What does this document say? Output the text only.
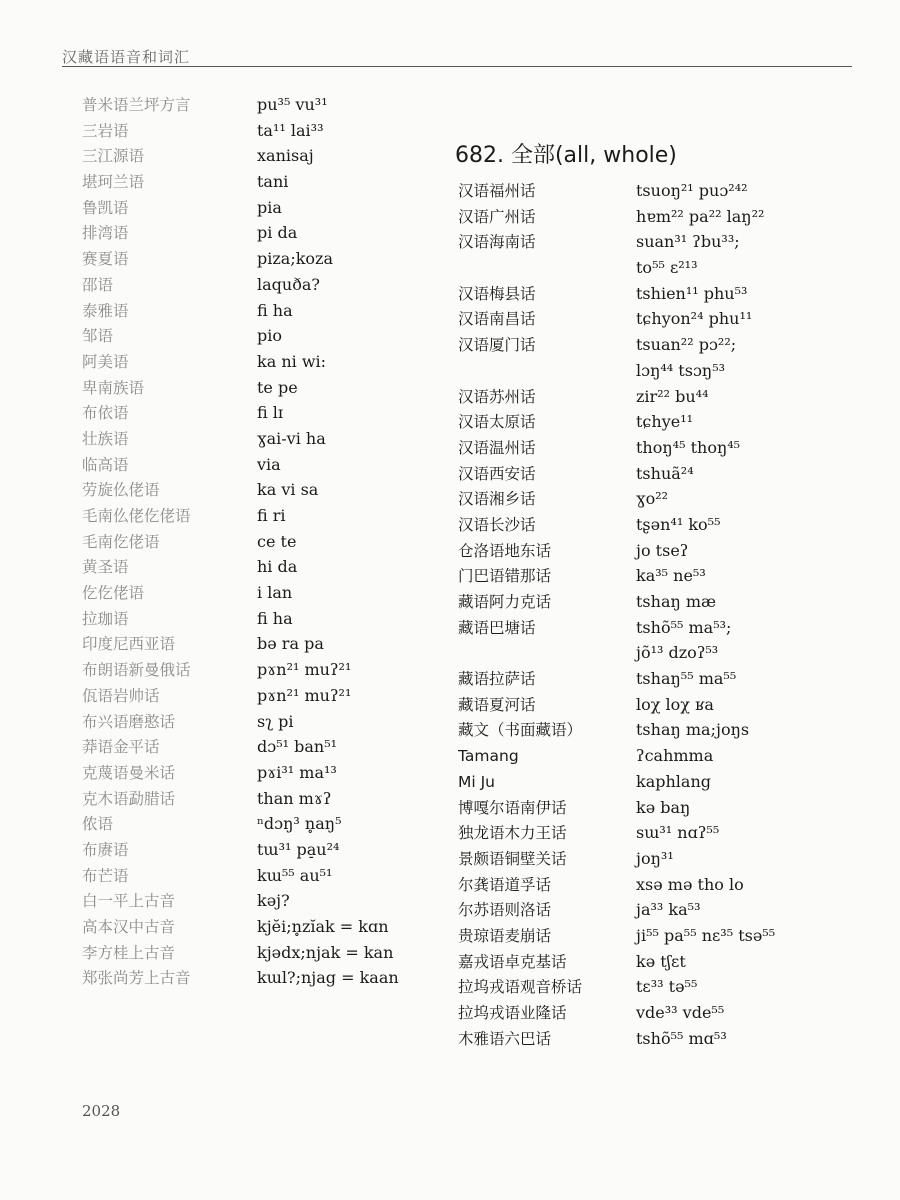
汉藏语语音和词汇
普米语兰坪方言	pu³⁵ vu³¹
三岩语	ta¹¹ lai³³
三江源语	xanisaj
堪珂兰语	tani
鲁凯语	pia
排湾语	pi da
赛夏语	piza;koza
邵语	laquða?
泰雅语	fi ha
邹语	pio
阿美语	ka ni wi:
卑南族语	te pe
布依语	fi lɪ
壮族语	ɣai-vi ha
临高语	via
劳旋仫佬语	ka vi sa
毛南仫佬仡佬语	fi ri
毛南仡佬语	ce te
黄圣语	hi da
仡仡佬语	i lan
拉珈语	fi ha
印度尼西亚语	bə ra pa
布朗语新曼俄话	pɤn²¹ muʔ²¹
佤语岩帅话	pɤn²¹ muʔ²¹
布兴语磨憨话	sʅ pi
莽语金平话	dɔ⁵¹ ban⁵¹
克蔑语曼米话	pɤi³¹ ma¹³
克木语勐腊话	than mɤʔ
侬语	ⁿdɔŋ³ n̥aŋ⁵
布赓语	tɯ³¹ pa̠u²⁴
布芒语	kɯ⁵⁵ au⁵¹
白一平上古音	kəj?
高本汉中古音	kjĕi;n̥zĭak = kɑn
李方桂上古音	kjədx;njak = kan
郑张尚芳上古音	kɯl?;njag = kaan
682. 全部(all, whole)
汉语福州话	tsuoŋ²¹ puɔ²⁴²
汉语广州话	hɐm²² pa²² laŋ²²
汉语海南话	suan³¹ ʔbu³³;
to⁵⁵ ɛ²¹³
汉语梅县话	tshien¹¹ phu⁵³
汉语南昌话	tɕhyon²⁴ phu¹¹
汉语厦门话	tsuan²² pɔ²²;
lɔŋ⁴⁴ tsɔŋ⁵³
汉语苏州话	zir²² bu⁴⁴
汉语太原话	tɕhye¹¹
汉语温州话	thoŋ⁴⁵ thoŋ⁴⁵
汉语西安话	tshuã²⁴
汉语湘乡话	ɣo²²
汉语长沙话	tʂən⁴¹ ko⁵⁵
仓洛语地东话	jo tseʔ
门巴语错那话	ka³⁵ ne⁵³
藏语阿力克话	tshaŋ mæ
藏语巴塘话	tshõ⁵⁵ ma⁵³;
jõ¹³ dzoʔ⁵³
藏语拉萨话	tshaŋ⁵⁵ ma⁵⁵
藏语夏河话	loχ loχ ʁa
藏文（书面藏语）	tshaŋ ma;joŋs
Tamang	ʔcahmma
Mi Ju	kaphlang
博嘎尔语南伊话	kə baŋ
独龙语木力王话	sɯ³¹ nɑʔ⁵⁵
景颇语铜壁关话	joŋ³¹
尔龚语道孚话	xsə mə tho lo
尔苏语则洛话	ja³³ ka⁵³
贵琼语麦崩话	ji⁵⁵ pa⁵⁵ nɛ³⁵ tsə⁵⁵
嘉戎语卓克基话	kə tʃɛt
拉坞戎语观音桥话	tɛ³³ tə⁵⁵
拉坞戎语业隆话	vde³³ vde⁵⁵
木雅语六巴话	tshõ⁵⁵ mɑ⁵³
2028
